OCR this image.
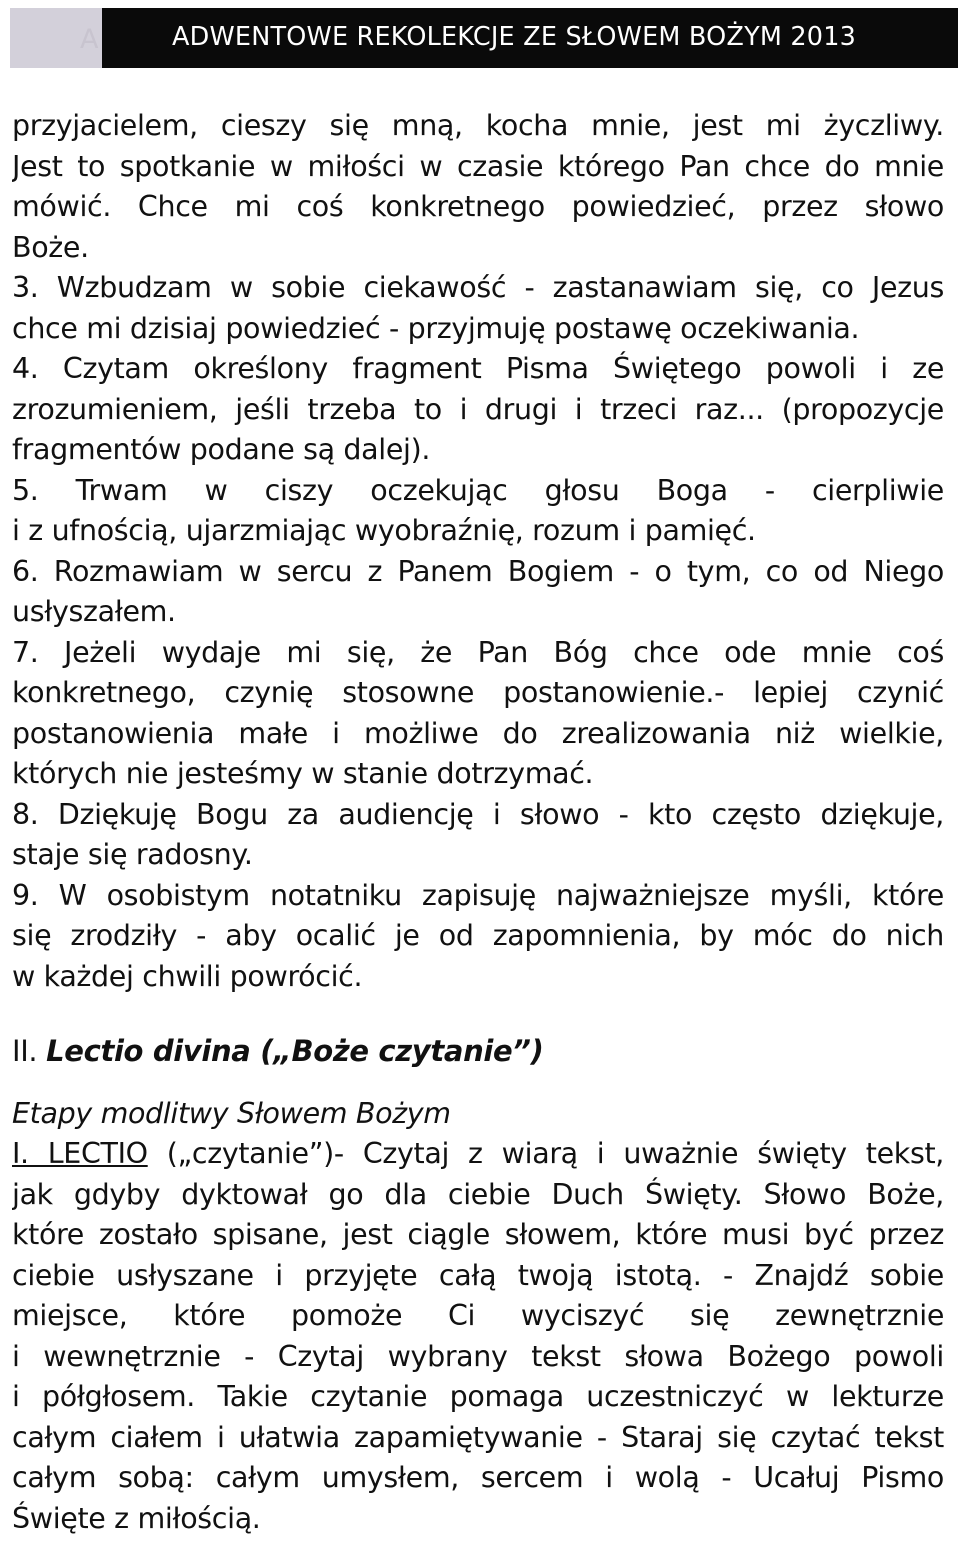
A	ADWENTOWE REKOLEKCJE ZE SŁOWEM BOŻYM 2013
przyjacielem, cieszy się mną, kocha mnie, jest mi życzliwy.
Jest to spotkanie w miłości w czasie którego Pan chce do mnie
mówić. Chce mi coś konkretnego powiedzieć, przez słowo
Boże.
3. Wzbudzam w sobie ciekawość - zastanawiam się, co Jezus
chce mi dzisiaj powiedzieć - przyjmuję postawę oczekiwania.
4. Czytam określony fragment Pisma Świętego powoli i ze
zrozumieniem, jeśli trzeba to i drugi i trzeci raz... (propozycje
fragmentów podane są dalej).
5. Trwam w ciszy oczekując głosu Boga - cierpliwie
i z ufnością, ujarzmiając wyobraźnię, rozum i pamięć.
6. Rozmawiam w sercu z Panem Bogiem - o tym, co od Niego
usłyszałem.
7. Jeżeli wydaje mi się, że Pan Bóg chce ode mnie coś
konkretnego, czynię stosowne postanowienie.- lepiej czynić
postanowienia małe i możliwe do zrealizowania niż wielkie,
których nie jesteśmy w stanie dotrzymać.
8. Dziękuję Bogu za audiencję i słowo - kto często dziękuje,
staje się radosny.
9. W osobistym notatniku zapisuję najważniejsze myśli, które
się zrodziły - aby ocalić je od zapomnienia, by móc do nich
w każdej chwili powrócić.
II. Lectio divina („Boże czytanie”)
Etapy modlitwy Słowem Bożym
I. LECTIO („czytanie”)- Czytaj z wiarą i uważnie święty tekst,
jak gdyby dyktował go dla ciebie Duch Święty. Słowo Boże,
które zostało spisane, jest ciągle słowem, które musi być przez
ciebie usłyszane i przyjęte całą twoją istotą. - Znajdź sobie
miejsce, które pomoże Ci wyciszyć się zewnętrznie
i wewnętrznie - Czytaj wybrany tekst słowa Bożego powoli
i półgłosem. Takie czytanie pomaga uczestniczyć w lekturze
całym ciałem i ułatwia zapamiętywanie - Staraj się czytać tekst
całym sobą: całym umysłem, sercem i wolą - Ucałuj Pismo
Święte z miłością.
